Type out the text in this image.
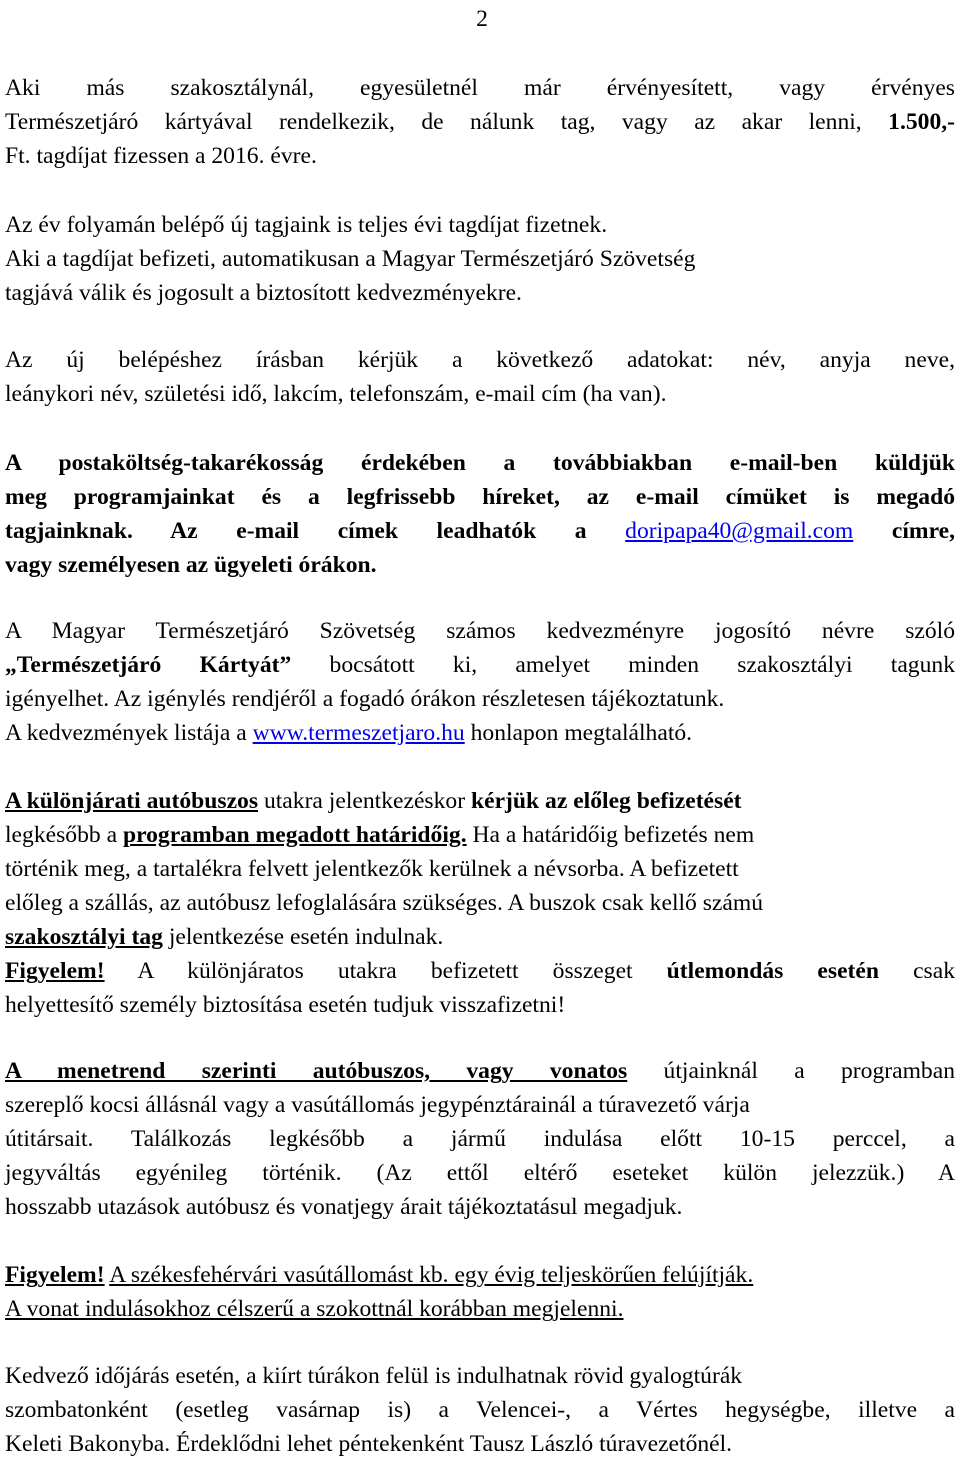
2
Aki más szakosztálynál, egyesületnél már érvényesített, vagy érvényes
Természetjáró kártyával rendelkezik, de nálunk tag, vagy az akar lenni, 1.500,-
Ft. tagdíjat fizessen a 2016. évre.
Az év folyamán belépő új tagjaink is teljes évi tagdíjat fizetnek.
Aki a tagdíjat befizeti, automatikusan a Magyar Természetjáró Szövetség
tagjává válik és jogosult a biztosított kedvezményekre.
Az új belépéshez írásban kérjük a következő adatokat: név, anyja neve,
leánykori név, születési idő, lakcím, telefonszám, e-mail cím (ha van).
A postaköltség-takarékosság érdekében a továbbiakban e-mail-ben küldjük
meg programjainkat és a legfrissebb híreket, az e-mail címüket is megadó
tagjainknak. Az e-mail címek leadhatók a doripapa40@gmail.com címre,
vagy személyesen az ügyeleti órákon.
A Magyar Természetjáró Szövetség számos kedvezményre jogosító névre szóló
„Természetjáró Kártyát” bocsátott ki, amelyet minden szakosztályi tagunk
igényelhet. Az igénylés rendjéről a fogadó órákon részletesen tájékoztatunk.
A kedvezmények listája a www.termeszetjaro.hu honlapon megtalálható.
A különjárati autóbuszos utakra jelentkezéskor kérjük az előleg befizetését
legkésőbb a programban megadott határidőig. Ha a határidőig befizetés nem
történik meg, a tartalékra felvett jelentkezők kerülnek a névsorba. A befizetett
előleg a szállás, az autóbusz lefoglalására szükséges. A buszok csak kellő számú
szakosztályi tag jelentkezése esetén indulnak.
Figyelem! A különjáratos utakra befizetett összeget útlemondás esetén csak
helyettesítő személy biztosítása esetén tudjuk visszafizetni!
A menetrend szerinti autóbuszos, vagy vonatos útjainknál a programban
szereplő kocsi állásnál vagy a vasútállomás jegypénztárainál a túravezető várja
útitársait. Találkozás legkésőbb a jármű indulása előtt 10-15 perccel, a
jegyváltás egyénileg történik. (Az ettől eltérő eseteket külön jelezzük.) A
hosszabb utazások autóbusz és vonatjegy árait tájékoztatásul megadjuk.
Figyelem! A székesfehérvári vasútállomást kb. egy évig teljeskörűen felújítják.
A vonat indulásokhoz célszerű a szokottnál korábban megjelenni.
Kedvező időjárás esetén, a kiírt túrákon felül is indulhatnak rövid gyalogtúrák
szombatonként (esetleg vasárnap is) a Velencei-, a Vértes hegységbe, illetve a
Keleti Bakonyba. Érdeklődni lehet péntekenként Tausz László túravezetőnél.
